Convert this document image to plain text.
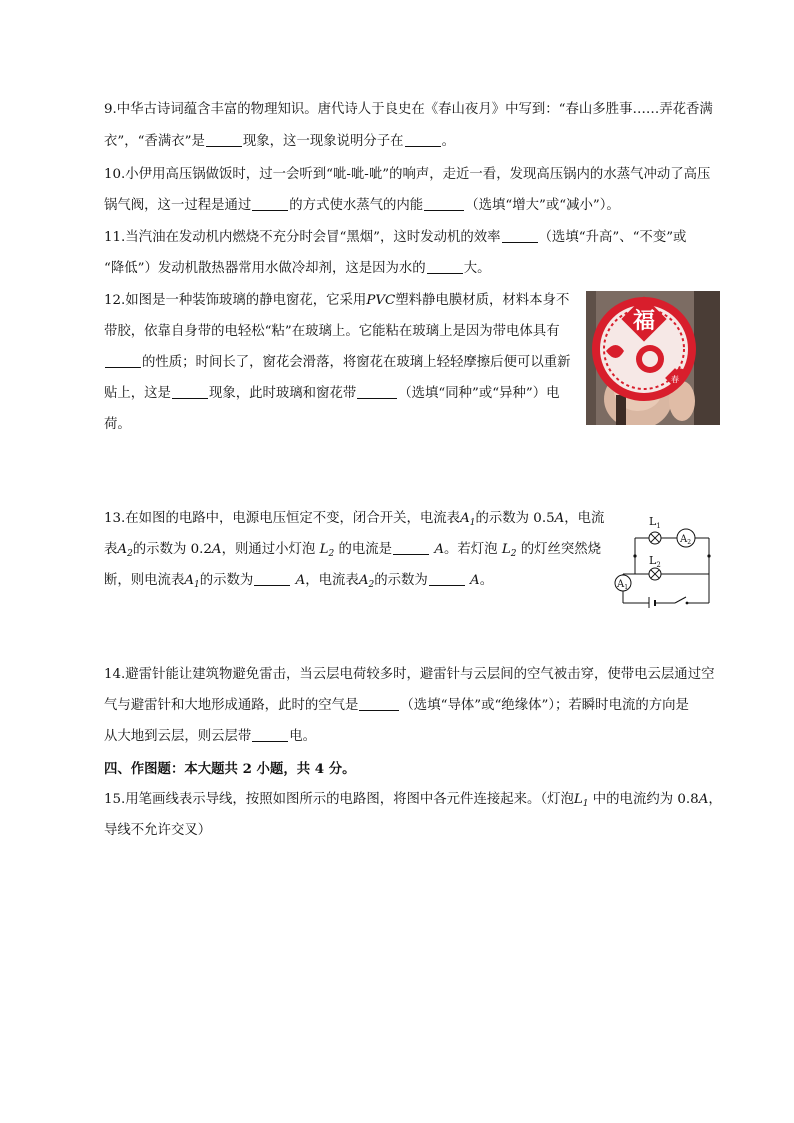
9.中华古诗词蕴含丰富的物理知识。唐代诗人于良史在《春山夜月》中写到：“春山多胜事……弄花香满
衣”，“香满衣”是	现象，这一现象说明分子在	。
10.小伊用高压锅做饭时，过一会听到“呲-呲-呲”的响声，走近一看，发现高压锅内的水蒸气冲动了高压
锅气阀，这一过程是通过	的方式使水蒸气的内能	（选填“增大”或“减小”）。
11.当汽油在发动机内燃烧不充分时会冒“黑烟”，这时发动机的效率	（选填“升高”、“不变”或
“降低”）发动机散热器常用水做冷却剂，这是因为水的	大。
12.如图是一种装饰玻璃的静电窗花，它采用PVC塑料静电膜材质，材料本身不
带胶，依靠自身带的电轻松“粘”在玻璃上。它能粘在玻璃上是因为带电体具有
的性质；时间长了，窗花会滑落，将窗花在玻璃上轻轻摩擦后便可以重新
贴上，这是	现象，此时玻璃和窗花带	（选填“同种”或“异种”）电
荷。
福
春
13.在如图的电路中，电源电压恒定不变，闭合开关，电流表$A_1$的示数为 0.5A，电流
表$A_2$的示数为 0.2A，则通过小灯泡 $L_2$ 的电流是	A。若灯泡 $L_2$ 的灯丝突然烧
断，则电流表$A_1$的示数为	A，电流表$A_2$的示数为	A。
$L_1$
$A_2$
$L_2$
$A_1$
14.避雷针能让建筑物避免雷击，当云层电荷较多时，避雷针与云层间的空气被击穿，使带电云层通过空
气与避雷针和大地形成通路，此时的空气是	（选填“导体”或“绝缘体”）；若瞬时电流的方向是
从大地到云层，则云层带	电。
四、作图题：本大题共 2 小题，共 4 分。
15.用笔画线表示导线，按照如图所示的电路图，将图中各元件连接起来。（灯泡$L_1$ 中的电流约为 0.8A，
导线不允许交叉）
